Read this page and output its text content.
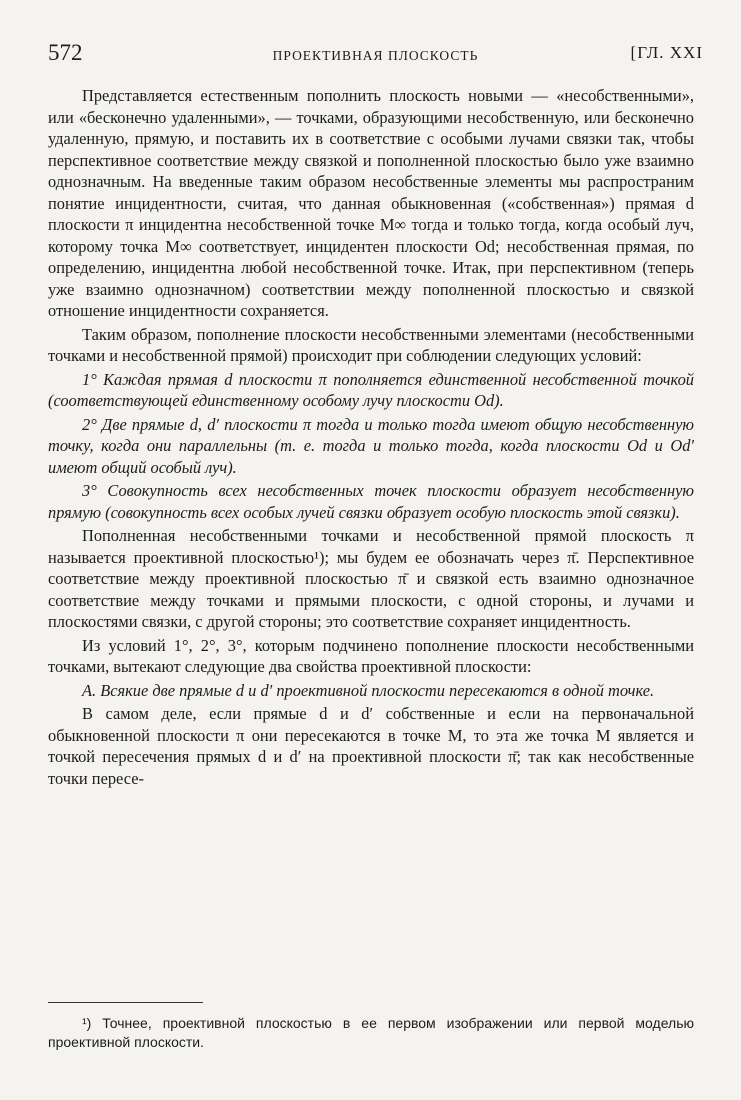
572	ПРОЕКТИВНАЯ ПЛОСКОСТЬ	[ГЛ. XXI

Представляется естественным пополнить плоскость новыми — «несобственными», или «бесконечно удаленными», — точками, образующими несобственную, или бесконечно удаленную, прямую, и поставить их в соответствие с особыми лучами связки так, чтобы перспективное соответствие между связкой и пополненной плоскостью было уже взаимно однозначным. На введенные таким образом несобственные элементы мы распространим понятие инцидентности, считая, что данная обыкновенная («собственная») прямая d плоскости π инцидентна несобственной точке M∞ тогда и только тогда, когда особый луч, которому точка M∞ соответствует, инцидентен плоскости Od; несобственная прямая, по определению, инцидентна любой несобственной точке. Итак, при перспективном (теперь уже взаимно однозначном) соответствии между пополненной плоскостью и связкой отношение инцидентности сохраняется.

Таким образом, пополнение плоскости несобственными элементами (несобственными точками и несобственной прямой) происходит при соблюдении следующих условий:

1° Каждая прямая d плоскости π пополняется единственной несобственной точкой (соответствующей единственному особому лучу плоскости Od).

2° Две прямые d, d′ плоскости π тогда и только тогда имеют общую несобственную точку, когда они параллельны (т. е. тогда и только тогда, когда плоскости Od и Od′ имеют общий особый луч).

3° Совокупность всех несобственных точек плоскости образует несобственную прямую (совокупность всех особых лучей связки образует особую плоскость этой связки).

Пополненная несобственными точками и несобственной прямой плоскость π называется проективной плоскостью¹); мы будем ее обозначать через π̄. Перспективное соответствие между проективной плоскостью π̄ и связкой есть взаимно однозначное соответствие между точками и прямыми плоскости, с одной стороны, и лучами и плоскостями связки, с другой стороны; это соответствие сохраняет инцидентность.

Из условий 1°, 2°, 3°, которым подчинено пополнение плоскости несобственными точками, вытекают следующие два свойства проективной плоскости:

А. Всякие две прямые d и d′ проективной плоскости пересекаются в одной точке.

В самом деле, если прямые d и d′ собственные и если на первоначальной обыкновенной плоскости π они пересекаются в точке M, то эта же точка M является и точкой пересечения прямых d и d′ на проективной плоскости π̄; так как несобственные точки пересе-

¹) Точнее, проективной плоскостью в ее первом изображении или первой моделью проективной плоскости.
